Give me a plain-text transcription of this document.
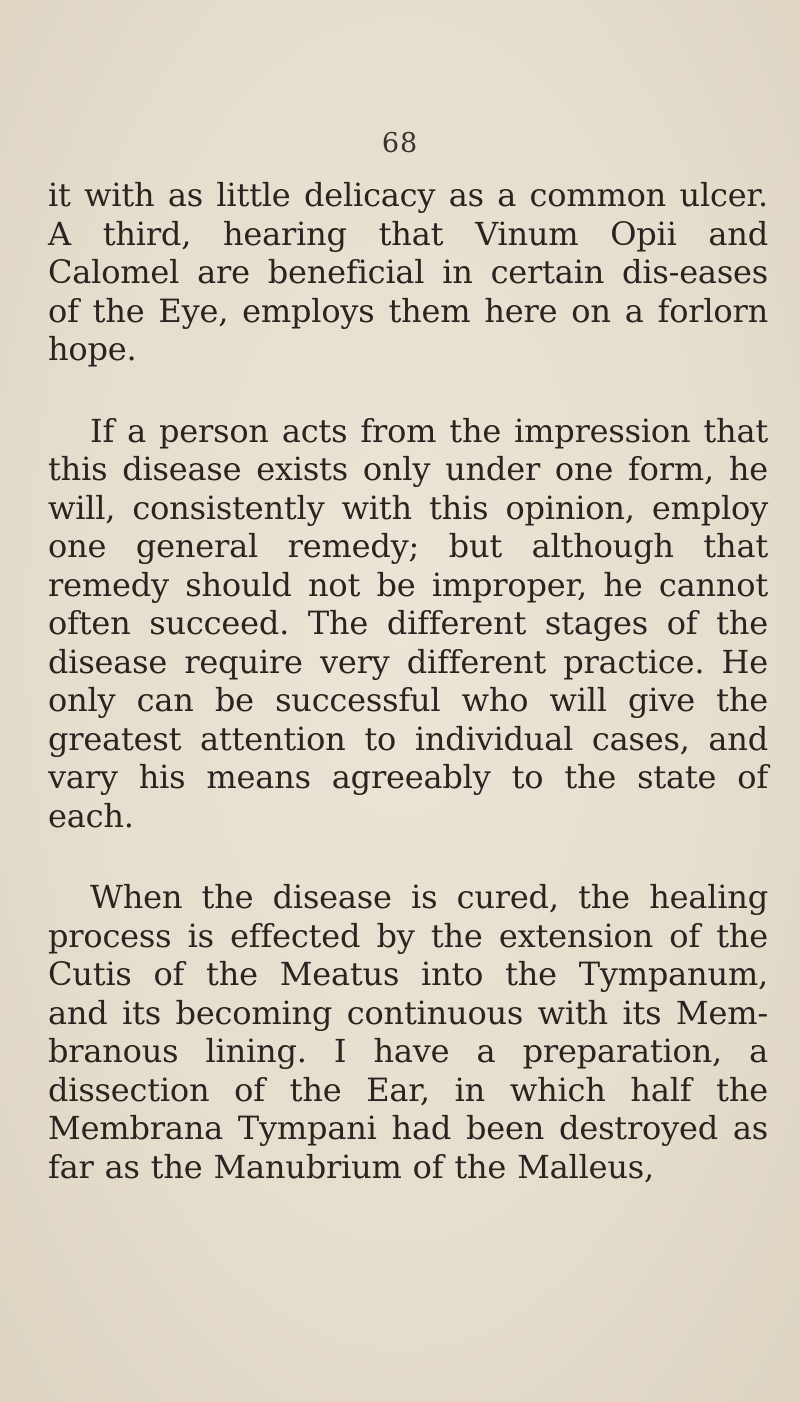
68

it with as little delicacy as a common ulcer. A third, hearing that Vinum Opii and Calomel are beneficial in certain dis-eases of the Eye, employs them here on a forlorn hope.

If a person acts from the impression that this disease exists only under one form, he will, consistently with this opinion, employ one general remedy; but although that remedy should not be improper, he cannot often succeed. The different stages of the disease require very different practice. He only can be successful who will give the greatest attention to individual cases, and vary his means agreeably to the state of each.

When the disease is cured, the healing process is effected by the extension of the Cutis of the Meatus into the Tympanum, and its becoming continuous with its Mem-branous lining. I have a preparation, a dissection of the Ear, in which half the Membrana Tympani had been destroyed as far as the Manubrium of the Malleus,
